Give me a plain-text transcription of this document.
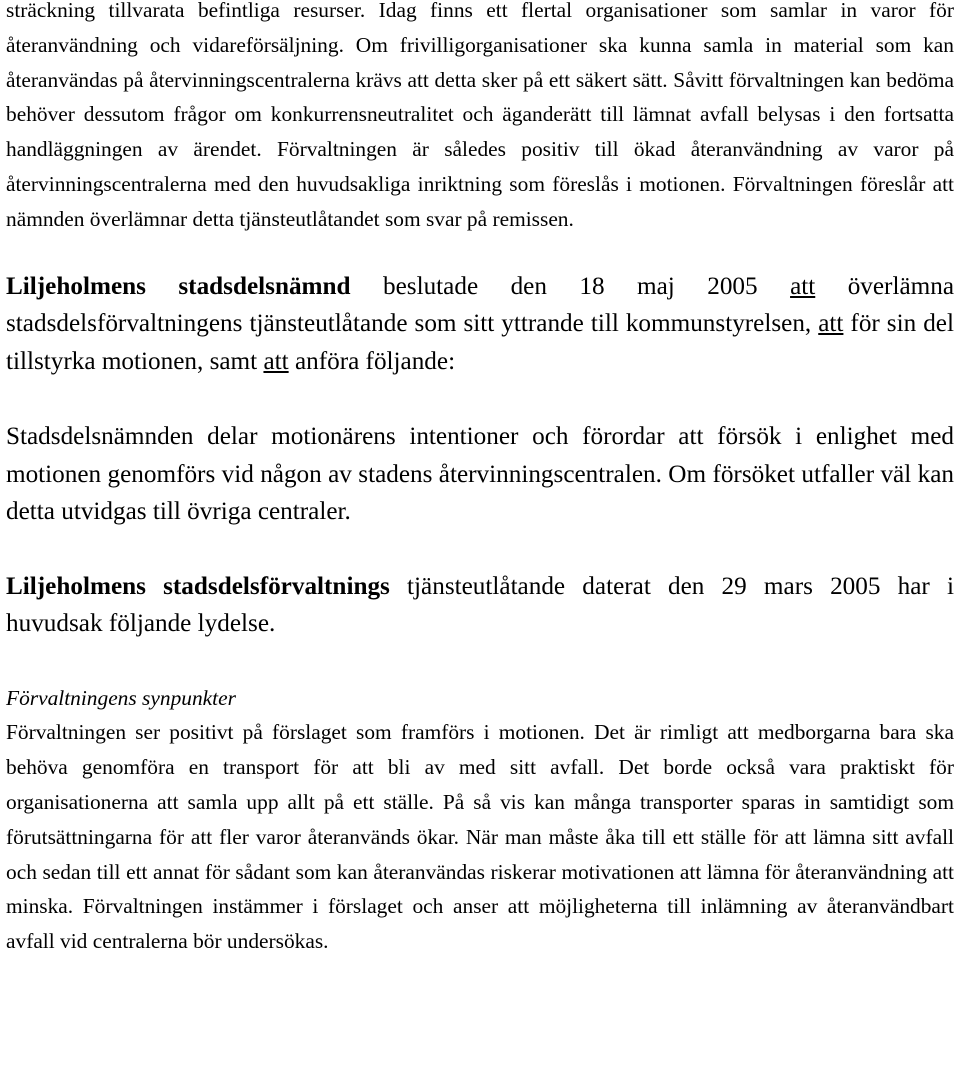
sträckning tillvarata befintliga resurser. Idag finns ett flertal organisationer som samlar in varor för återanvändning och vidareförsäljning. Om frivilligorganisationer ska kunna samla in material som kan återanvändas på återvinningscentralerna krävs att detta sker på ett säkert sätt. Såvitt förvaltningen kan bedöma behöver dessutom frågor om konkurrensneutralitet och äganderätt till lämnat avfall belysas i den fortsatta handläggningen av ärendet. Förvaltningen är således positiv till ökad återanvändning av varor på återvinningscentralerna med den huvudsakliga inriktning som föreslås i motionen. Förvaltningen föreslår att nämnden överlämnar detta tjänsteutlåtandet som svar på remissen.

Liljeholmens stadsdelsnämnd beslutade den 18 maj 2005 att överlämna stadsdelsförvaltningens tjänsteutlåtande som sitt yttrande till kommunstyrelsen, att för sin del tillstyrka motionen, samt att anföra följande:

Stadsdelsnämnden delar motionärens intentioner och förordar att försök i enlighet med motionen genomförs vid någon av stadens återvinningscentralen. Om försöket utfaller väl kan detta utvidgas till övriga centraler.

Liljeholmens stadsdelsförvaltnings tjänsteutlåtande daterat den 29 mars 2005 har i huvudsak följande lydelse.

Förvaltningens synpunkter

Förvaltningen ser positivt på förslaget som framförs i motionen. Det är rimligt att medborgarna bara ska behöva genomföra en transport för att bli av med sitt avfall. Det borde också vara praktiskt för organisationerna att samla upp allt på ett ställe. På så vis kan många transporter sparas in samtidigt som förutsättningarna för att fler varor återanvänds ökar. När man måste åka till ett ställe för att lämna sitt avfall och sedan till ett annat för sådant som kan återanvändas riskerar motivationen att lämna för återanvändning att minska. Förvaltningen instämmer i förslaget och anser att möjligheterna till inlämning av återanvändbart avfall vid centralerna bör undersökas.
